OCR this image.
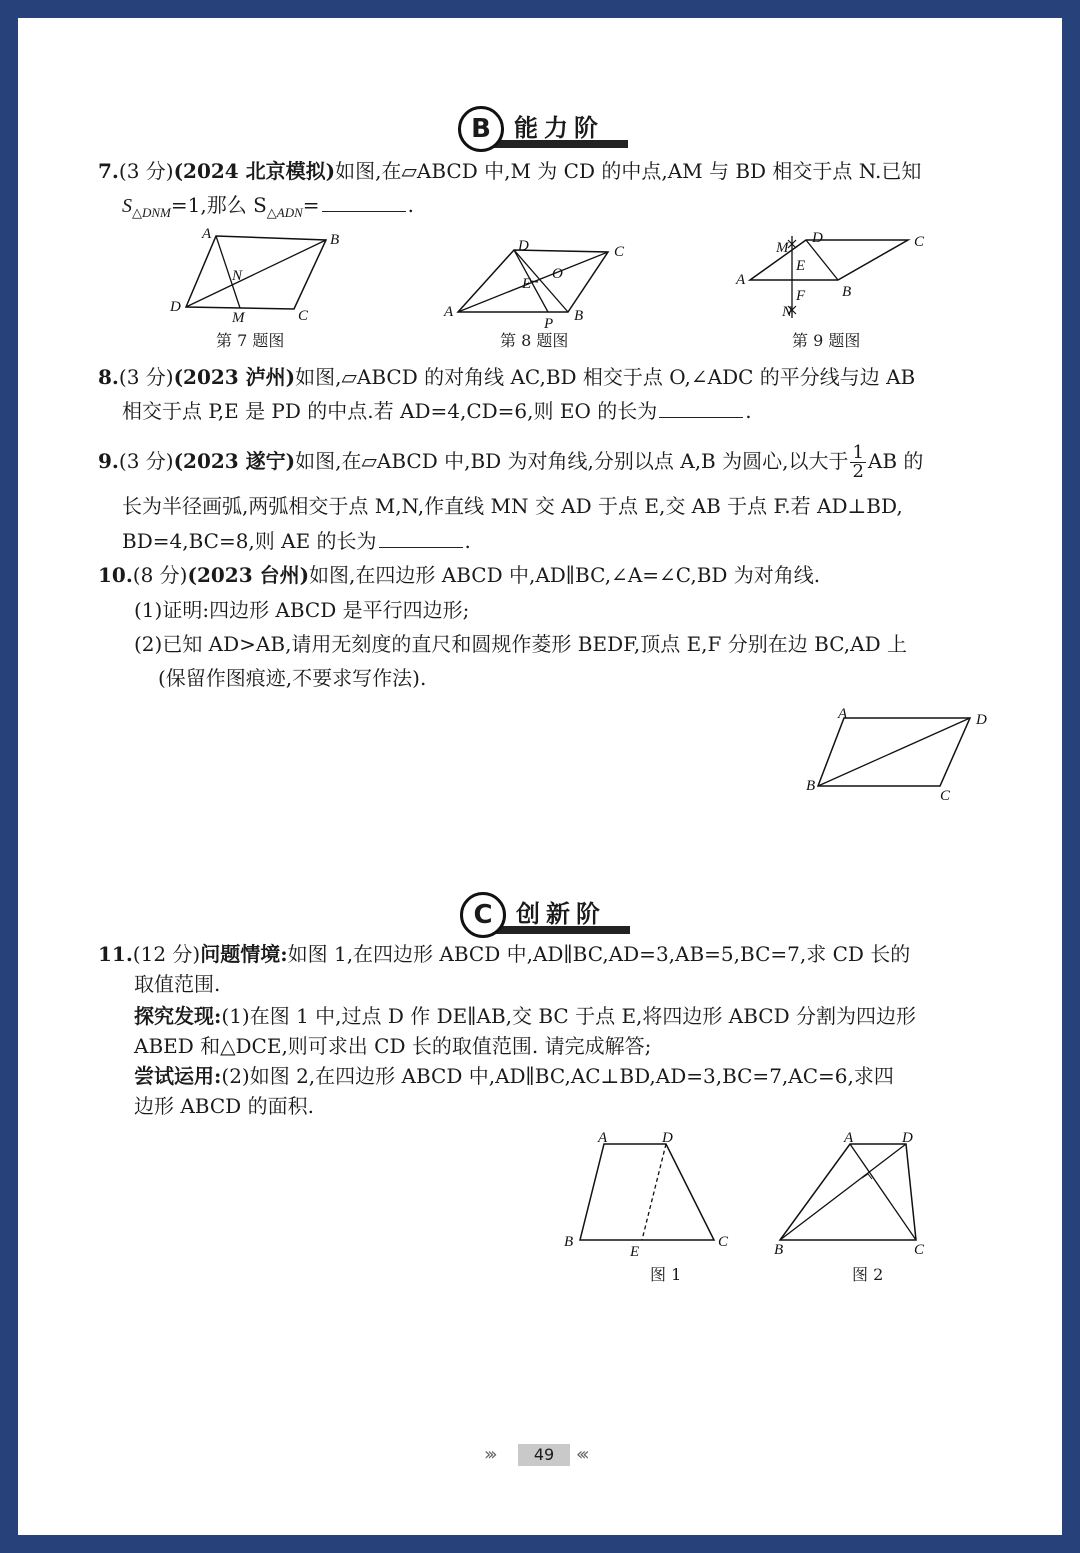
B 能力阶
7.(3 分)(2024 北京模拟)如图,在▱ABCD 中,M 为 CD 的中点,AM 与 BD 相交于点 N.已知
$S_{\triangle DNM}=1$,那么 $S_{\triangle ADN}=$	.
A	B
C
D
M
N
第 7 题图
D	C
B
A
P
E
O
第 8 题图
D	C
B
A
M
N
E
F
第 9 题图
8.(3 分)(2023 泸州)如图,▱ABCD 的对角线 AC,BD 相交于点 O,∠ADC 的平分线与边 AB
相交于点 P,E 是 PD 的中点.若 AD=4,CD=6,则 EO 的长为	.
9.(3 分)(2023 遂宁)如图,在▱ABCD 中,BD 为对角线,分别以点 A,B 为圆心,以大于 $\frac{1}{2}$ AB 的
长为半径画弧,两弧相交于点 M,N,作直线 MN 交 AD 于点 E,交 AB 于点 F.若 AD⊥BD,
BD=4,BC=8,则 AE 的长为	.
10.(8 分)(2023 台州)如图,在四边形 ABCD 中,AD∥BC,∠A=∠C,BD 为对角线.
(1)证明:四边形 ABCD 是平行四边形;
(2)已知 AD>AB,请用无刻度的直尺和圆规作菱形 BEDF,顶点 E,F 分别在边 BC,AD 上
(保留作图痕迹,不要求写作法).
A	D
C
B
C 创新阶
11.(12 分)问题情境:如图 1,在四边形 ABCD 中,AD∥BC,AD=3,AB=5,BC=7,求 CD 长的
取值范围.
探究发现:(1)在图 1 中,过点 D 作 DE∥AB,交 BC 于点 E,将四边形 ABCD 分割为四边形
ABED 和△DCE,则可求出 CD 长的取值范围. 请完成解答;
尝试运用:(2)如图 2,在四边形 ABCD 中,AD∥BC,AC⊥BD,AD=3,BC=7,AC=6,求四
边形 ABCD 的面积.
A	D
B	C
E
图 1
A	D
B	C
图 2
›››	49	‹‹‹
